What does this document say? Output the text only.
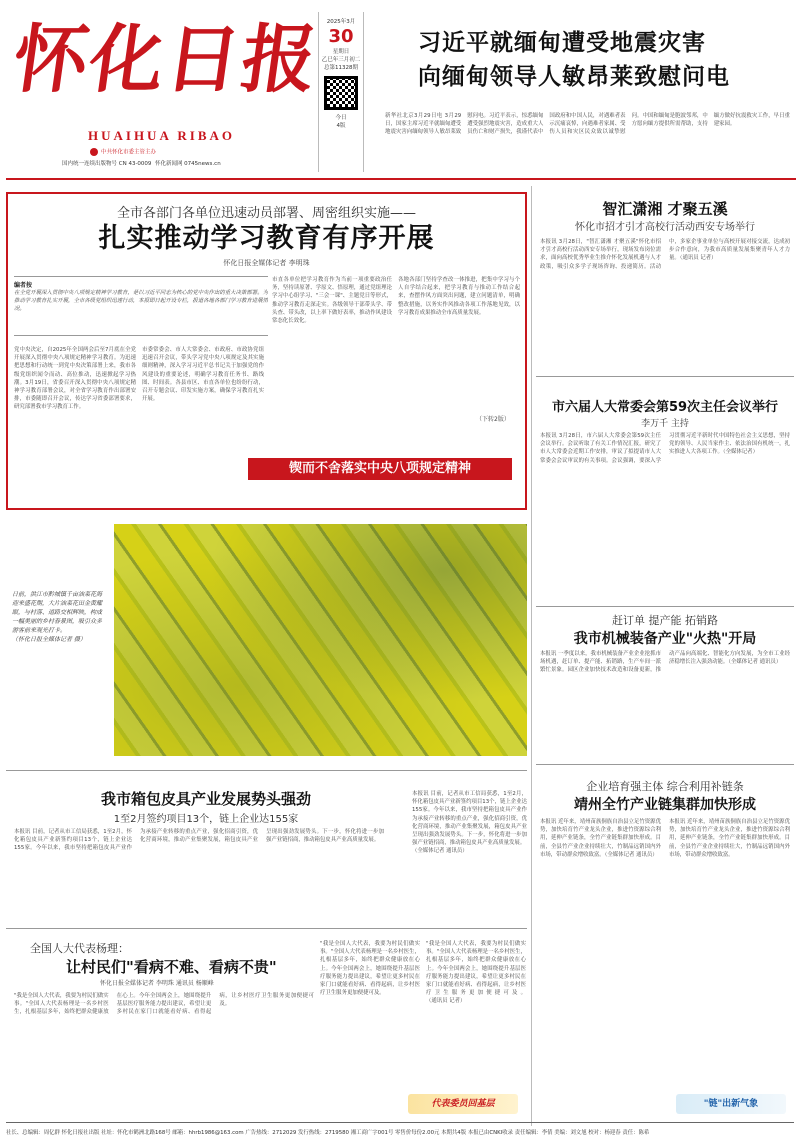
怀化日报
HUAIHUA RIBAO
中共怀化市委主管主办
国内统一连续出版物号 CN 43-0009 怀化新闻网 0745news.cn
2025年3月
30
星期日
乙巳年三月初二
总第11328期
今日
4版
习近平就缅甸遭受地震灾害
向缅甸领导人敏昂莱致慰问电
新华社北京3月29日电 3月29日，国家主席习近平就缅甸遭受地震灾害向缅甸领导人敏昂莱致慰问电。习近平表示，惊悉缅甸遭受强烈地震灾害，造成重大人员伤亡和财产损失，我谨代表中国政府和中国人民，对遇难者表示沉痛哀悼，向遇难者家属、受伤人员和灾区民众致以诚挚慰问。中国和缅甸是胞波邻邦，中方愿向缅方提供所需帮助，支持缅方做好抗震救灾工作，早日重建家园。
全市各部门各单位迅速动员部署、周密组织实施——
扎实推动学习教育有序开展
怀化日报全媒体记者 李明珠
编者按
在全党开展深入贯彻中央八项规定精神学习教育，是以习近平同志为核心的党中央作出的重大决策部署。为推动学习教育扎实开展，全市各级党组织迅速行动，本报即日起开设专栏，报道各地各部门学习教育进展情况。
党中央决定，自2025年全国两会后至7月底在全党开展深入贯彻中央八项规定精神学习教育。为迅速把思想和行动统一到党中央决策部署上来，我市各级党组织闻令而动、高位推动，迅速掀起学习热潮。3月19日，省委召开深入贯彻中央八项规定精神学习教育部署会议，对全省学习教育作出部署安排，市委随即召开会议，传达学习省委部署要求，研究部署我市学习教育工作。
市委常委会、市人大常委会、市政府、市政协党组迅速召开会议，带头学习党中央八项规定及其实施细则精神，深入学习习近平总书记关于加强党的作风建设的重要论述，明确学习教育任务书、路线图、时间表。各县市区、市直各单位也纷纷行动，召开专题会议、印发实施方案，确保学习教育扎实开展。
市直各单位把学习教育作为当前一项重要政治任务，坚持读原著、学原文、悟原理，通过党组理论学习中心组学习、"三会一课"、主题党日等形式，推动学习教育走深走实。各级领导干部带头学、带头查、带头改，以上率下做好表率，推动作风建设常态化长效化。
各地各部门坚持学查改一体推进，把集中学习与个人自学结合起来，把学习教育与推动工作结合起来，查摆作风方面突出问题，建立问题清单，明确整改措施，以务实作风推动各项工作落地见效，以学习教育成果推动全市高质量发展。
（下转2版）
锲而不舍落实中央八项规定精神
日前，洪江市黔城镇千亩油菜花海迎来盛花期，大片油菜花田金黄耀眼，与村落、道路交相辉映，构成一幅美丽的乡村春景图，吸引众多游客前来观光打卡。
（怀化日报全媒体记者 摄）
我市箱包皮具产业发展势头强劲
1至2月签约项目13个，链上企业达155家
本报讯 目前，记者从市工信局获悉，1至2月，怀化箱包皮具产业新签约项目13个，链上企业达155家。今年以来，我市坚持把箱包皮具产业作为承接产业转移的重点产业，强化招商引资，优化营商环境，推动产业集聚发展，箱包皮具产业呈现出强劲发展势头。下一步，怀化将进一步加强产业链招商，推动箱包皮具产业高质量发展。
本报讯 目前，记者从市工信局获悉，1至2月，怀化箱包皮具产业新签约项目13个，链上企业达155家。今年以来，我市坚持把箱包皮具产业作为承接产业转移的重点产业，强化招商引资，优化营商环境，推动产业集聚发展，箱包皮具产业呈现出强劲发展势头。下一步，怀化将进一步加强产业链招商，推动箱包皮具产业高质量发展。
（全媒体记者 通讯员）
全国人大代表杨理：
让村民们"看病不难、看病不贵"
怀化日报全媒体记者 李明珠 通讯员 杨顺峰
"我是全国人大代表，我要为村民们做实事。"全国人大代表杨理是一名乡村医生，扎根基层多年，始终把群众健康放在心上。今年全国两会上，她围绕提升基层医疗服务能力提出建议，希望让更多村民在家门口就能看好病、看得起病，让乡村医疗卫生服务更加便捷可及。
"我是全国人大代表，我要为村民们做实事。"全国人大代表杨理是一名乡村医生，扎根基层多年，始终把群众健康放在心上。今年全国两会上，她围绕提升基层医疗服务能力提出建议，希望让更多村民在家门口就能看好病、看得起病，让乡村医疗卫生服务更加便捷可及。
"我是全国人大代表，我要为村民们做实事。"全国人大代表杨理是一名乡村医生，扎根基层多年，始终把群众健康放在心上。今年全国两会上，她围绕提升基层医疗服务能力提出建议，希望让更多村民在家门口就能看好病、看得起病，让乡村医疗卫生服务更加便捷可及。（通讯员 记者）
代表委员回基层
智汇潇湘 才聚五溪
怀化市招才引才高校行活动西安专场举行
本报讯 3月28日，"智汇潇湘 才聚五溪"怀化市招才引才高校行活动西安专场举行，现场发布岗位需求，面向高校优秀毕业生推介怀化发展机遇与人才政策，吸引众多学子现场咨询、投递简历。活动中，多家企事业单位与高校开展对接交流，达成初步合作意向，为我市高质量发展集聚青年人才力量。（通讯员 记者）
市六届人大常委会第59次主任会议举行
李万千 主持
本报讯 3月28日，市六届人大常委会第59次主任会议举行。会议听取了有关工作情况汇报，研究了市人大常委会近期工作安排，审议了拟提请市人大常委会会议审议的有关事项。会议强调，要深入学习贯彻习近平新时代中国特色社会主义思想，坚持党的领导、人民当家作主、依法治国有机统一，扎实推进人大各项工作。（全媒体记者）
赶订单 提产能 拓销路
我市机械装备产业"火热"开局
本报讯 一季度以来，我市机械装备产业企业抢抓市场机遇，赶订单、提产能、拓销路，生产车间一派繁忙景象。园区企业加快技术改造和设备更新，推动产品向高端化、智能化方向发展，为全市工业经济稳增长注入强劲动能。（全媒体记者 通讯员）
企业培育强主体 综合利用补链条
靖州全竹产业链集群加快形成
本报讯 近年来，靖州苗族侗族自治县立足竹资源优势，加快培育竹产业龙头企业，推进竹资源综合利用，延伸产业链条，全竹产业链集群加快形成。目前，全县竹产业企业持续壮大，竹制品远销国内外市场，带动群众增收致富。（全媒体记者 通讯员）
本报讯 近年来，靖州苗族侗族自治县立足竹资源优势，加快培育竹产业龙头企业，推进竹资源综合利用，延伸产业链条，全竹产业链集群加快形成。目前，全县竹产业企业持续壮大，竹制品远销国内外市场，带动群众增收致富。
"链"出新气象
社长、总编辑：周亿群 怀化日报社出版 社址：怀化市鹤洲北路168号 邮箱：hhrb1986@163.com 广告热线：2712029 发行热线：2719580 湘工商广字001号 零售价每份2.00元 本期共4版 本报已由CNKI收录 责任编辑：李倩 美编：刘文旭 校对：杨迎春 责任：陈希
